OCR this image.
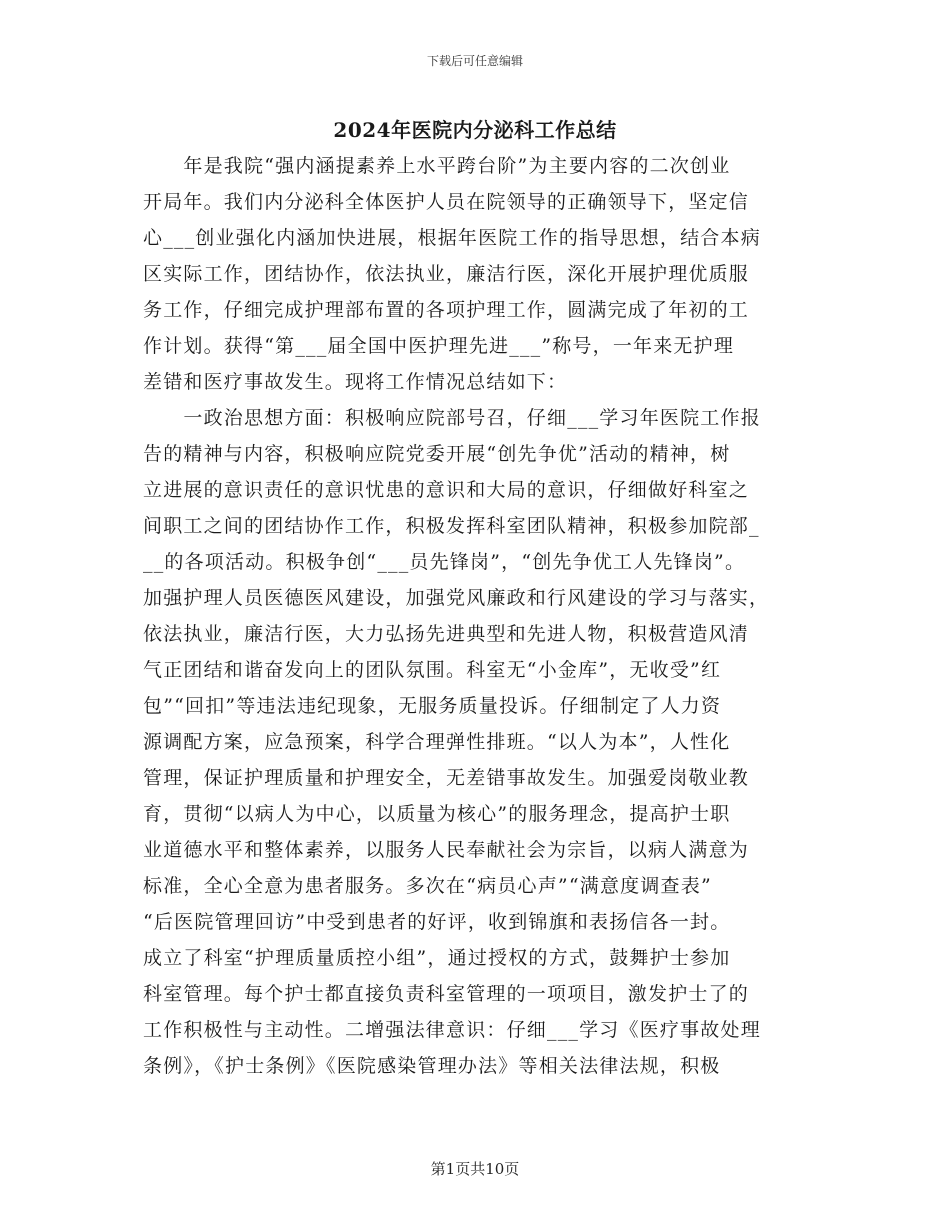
下载后可任意编辑
2024年医院内分泌科工作总结
　　年是我院“强内涵提素养上水平跨台阶”为主要内容的二次创业
开局年。我们内分泌科全体医护人员在院领导的正确领导下，坚定信
心___创业强化内涵加快进展，根据年医院工作的指导思想，结合本病
区实际工作，团结协作，依法执业，廉洁行医，深化开展护理优质服
务工作，仔细完成护理部布置的各项护理工作，圆满完成了年初的工
作计划。获得“第___届全国中医护理先进___”称号，一年来无护理
差错和医疗事故发生。现将工作情况总结如下：
　　一政治思想方面：积极响应院部号召，仔细___学习年医院工作报
告的精神与内容，积极响应院党委开展“创先争优”活动的精神，树
立进展的意识责任的意识忧患的意识和大局的意识，仔细做好科室之
间职工之间的团结协作工作，积极发挥科室团队精神，积极参加院部_
__的各项活动。积极争创“___员先锋岗”，“创先争优工人先锋岗”。
加强护理人员医德医风建设，加强党风廉政和行风建设的学习与落实，
依法执业，廉洁行医，大力弘扬先进典型和先进人物，积极营造风清
气正团结和谐奋发向上的团队氛围。科室无“小金库”，无收受”红
包”“回扣”等违法违纪现象，无服务质量投诉。仔细制定了人力资
源调配方案，应急预案，科学合理弹性排班。“以人为本”，人性化
管理，保证护理质量和护理安全，无差错事故发生。加强爱岗敬业教
育，贯彻“以病人为中心，以质量为核心”的服务理念，提高护士职
业道德水平和整体素养，以服务人民奉献社会为宗旨，以病人满意为
标准，全心全意为患者服务。多次在“病员心声”“满意度调查表”
“后医院管理回访”中受到患者的好评，收到锦旗和表扬信各一封。
成立了科室“护理质量质控小组”，通过授权的方式，鼓舞护士参加
科室管理。每个护士都直接负责科室管理的一项项目，激发护士了的
工作积极性与主动性。二增强法律意识：仔细___学习《医疗事故处理
条例》，《护士条例》《医院感染管理办法》等相关法律法规，积极
第1页共10页
